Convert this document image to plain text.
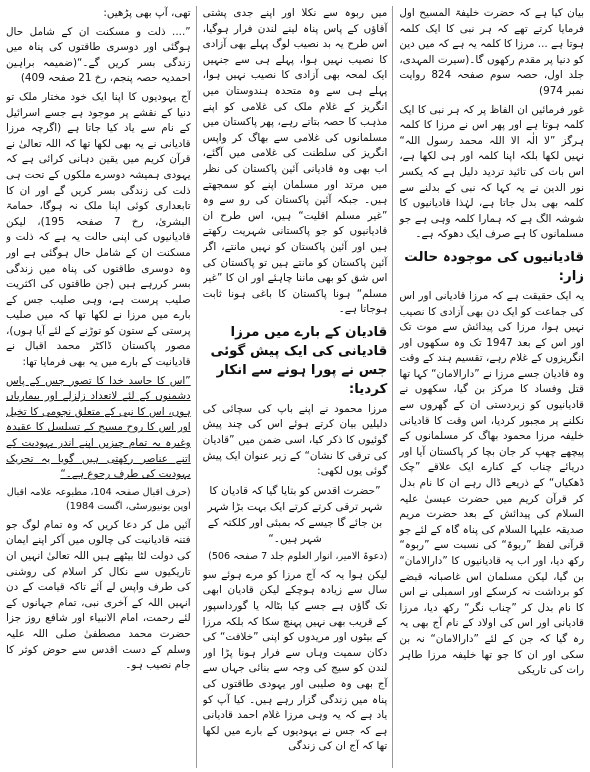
بیان کیا ہے کہ حضرت خلیفۃ المسیح اول فرمایا کرتے تھے کہ ہر نبی کا ایک کلمہ ہوتا ہے ... مرزا کا کلمہ یہ ہے کہ میں دین کو دنیا پر مقدم رکھوں گا۔(سیرت المہدی، جلد اول، حصہ سوم صفحہ 824 روایت نمبر 974)

غور فرمائیں ان الفاظ پر کہ ہر نبی کا ایک کلمہ ہوتا ہے اور پھر اس نے مرزا کا کلمہ ہرگز ”لا الٰہ الا اللہ محمد رسول اللہ“ نہیں لکھا بلکہ اپنا کلمہ اور ہی لکھا ہے، اس بات کی تائید تردید دلیل ہے کہ یکسر نور الدین نے یہ کہا کہ نبی کے بدلنے سے کلمہ بھی بدل جاتا ہے، لہٰذا قادیانیوں کا شوشہ الگ ہے کہ ہمارا کلمہ وہی ہے جو مسلمانوں کا ہے صرف ایک دھوکہ ہے۔

قادیانیوں کی موجودہ حالت زار:

یہ ایک حقیقت ہے کہ مرزا قادیانی اور اس کی جماعت کو ایک دن بھی آزادی کا نصیب نہیں ہوا، مرزا کی پیدائش سے موت تک اور اس کے بعد 1947 تک وہ سکھوں اور انگریزوں کے غلام رہے، تقسیم ہند کے وقت وہ قادیان جسے مرزا نے ”دارالامان“ کہا تھا قتل وفساد کا مرکز بن گیا، سکھوں نے قادیانیوں کو زبردستی ان کے گھروں سے نکلنے پر مجبور کردیا، اس وقت کا قادیانی خلیفہ مرزا محمود بھاگ کر مسلمانوں کے پیچھے چھپ کر جان بچا کر پاکستان آیا اور دریائے چناب کے کنارے ایک علاقے ”چک ڈھکیاں“ کے ذریعے ڈال رہے ان کا نام بدل کر قرآن کریم میں حضرت عیسیٰ علیہ السلام کی پیدائش کے بعد حضرت مریم صدیقہ علیہا السلام کی پناہ گاہ کے لئے جو قرآنی لفظ ”ربوۃ“ کی نسبت سے ”ربوہ“ رکھ دیا، اور اب یہ قادیانیوں کا ”دارالامان“ بن گیا، لیکن مسلمان اس غاصبانہ قبضے کو برداشت نہ کرسکے اور اسمبلی نے اس کا نام بدل کر ”چناب نگر“ رکھ دیا، مرزا قادیانی اور اس کی اولاد کے نام آج بھی یہ رہ گیا کہ جن کے لئے ”دارالامان“ نہ بن سکی اور ان کا جو تھا خلیفہ مرزا طاہر رات کی تاریکی

میں ربوہ سے نکلا اور اپنے جدی پشتی آقاؤں کے پاس پناہ لینے لندن فرار ہوگیا، اس طرح یہ بد نصیب لوگ پہلے بھی آزادی کا نصیب نہیں ہوا، پہلے ہی سے جنہیں ایک لمحہ بھی آزادی کا نصیب نہیں ہوا، پہلے ہی سے وہ متحدہ ہندوستان میں انگریز کے غلام ملک کی غلامی کو اپنے مذہب کا حصہ بتاتے رہے، پھر پاکستان میں مسلمانوں کی غلامی سے بھاگ کر واپس انگریز کی سلطنت کی غلامی میں آگئے، اب بھی وہ قادیانی آئین پاکستان کی نظر میں مرتد اور مسلمان اپنے کو سمجھتے ہیں۔ جبکہ آئین پاکستان کی رو سے وہ ”غیر مسلم اقلیت“ ہیں، اس طرح ان قادیانیوں کو جو پاکستانی شہریت رکھتے ہیں اور آئین پاکستان کو نہیں مانتے، اگر آئین پاکستان کو مانتے ہیں تو پاکستان کی اس شق کو بھی ماننا چاہئے اور ان کا ”غیر مسلم“ ہونا پاکستان کا باغی ہونا ثابت ہوجاتا ہے۔

قادیان کے بارے میں مرزا قادیانی کی ایک پیش گوئی جس نے پورا ہونے سے انکار کردیا:

مرزا محمود نے اپنے باپ کی سچائی کی دلیلیں بیان کرتے ہوئے اس کی چند پیش گوئیوں کا ذکر کیا، اسی ضمن میں ”قادیان کی ترقی کا نشان“ کے زیر عنوان ایک پیش گوئی یوں لکھی:

”حضرت اقدس کو بتایا گیا کہ قادیان کا شہر ترقی کرتے کرتے ایک بہت بڑا شہر بن جائے گا جیسے کہ بمبئی اور کلکتہ کے شہر ہیں۔“

(دعوۃ الامیر، انوار العلوم جلد 7 صفحہ 506)

لیکن ہوا یہ کہ آج مرزا کو مرے ہوئے سو سال سے زیادہ ہوچکے لیکن قادیان ابھی تک گاؤں ہے جسے کیا بٹالہ یا گورداسپور کے قریب بھی نہیں پہنچ سکا کہ بلکہ مرزا کے بیٹوں اور مریدوں کو اپنی ”خلافت“ کی دکان سمیت وہاں سے فرار ہونا پڑا اور لندن کو سیج کی وجہ سے بنائی جہاں سے آج بھی وہ صلیبی اور یہودی طاقتوں کی پناہ میں زندگی گزار رہے ہیں۔ کیا آپ کو یاد ہے کہ یہ وہی مرزا غلام احمد قادیانی ہے کہ جس نے یہودیوں کے بارے میں لکھا تھا کہ آج ان کی زندگی

تھی، آپ بھی پڑھیں:

”.... ذلت و مسکنت ان کے شامل حال ہوگئی اور دوسری طاقتوں کی پناہ میں زندگی بسر کریں گے۔“(ضمیمہ براہین احمدیہ حصہ پنجم، رخ 21 صفحہ 409)

آج یہودیوں کا اپنا ایک خود مختار ملک تو دنیا کے نقشے پر موجود ہے جسے اسرائیل کے نام سے یاد کیا جاتا ہے (اگرچہ مرزا قادیانی نے یہ بھی لکھا تھا کہ اللہ تعالیٰ نے قرآن کریم میں یقین دہانی کرائی ہے کہ یہودی ہمیشہ دوسرے ملکوں کے تحت ہی ذلت کی زندگی بسر کریں گے اور ان کا تابعداری کوئی اپنا ملک نہ ہوگا، حمامۃ البشریٰ، رخ 7 صفحہ 195)، لیکن قادیانیوں کی اپنی حالت یہ ہے کہ ذلت و مسکنت ان کے شامل حال ہوگئی ہے اور وہ دوسری طاقتوں کی پناہ میں زندگی بسر کررہے ہیں (جن طاقتوں کی اکثریت صلیب پرست ہے، وہی صلیب جس کے بارے میں مرزا نے لکھا تھا کہ میں صلیب پرستی کے ستون کو توڑنے کے لئے آیا ہوں)، مصور پاکستان ڈاکٹر محمد اقبال نے قادیانیت کے بارے میں یہ بھی فرمایا تھا:

”اس کا حاسد خدا کا تصور جس کے پاس دشمنوں کے لئے لاتعداد زلزلے اور بیماریاں ہوں، اس کا نبی کے متعلق نجومی کا تخیل اور اس کا روح مسیح کے تسلسل کا عقیدہ وغیرہ یہ تمام چیزیں اپنے اندر یہودیت کے اتنے عناصر رکھتی ہیں گویا یہ تحریک یہودیت کی طرف رجوع ہے۔“

(حرف اقبال صفحہ 104، مطبوعہ علامہ اقبال اوپن یونیورسٹی، اگست 1984)

آئیں مل کر دعا کریں کہ وہ تمام لوگ جو فتنہ قادیانیت کی چالوں میں آکر اپنے ایمان کی دولت لٹا بیٹھے ہیں اللہ تعالیٰ انہیں ان تاریکیوں سے نکال کر اسلام کی روشنی کی طرف واپس لے آئے تاکہ قیامت کے دن انہیں اللہ کے آخری نبی، تمام جہانوں کے لئے رحمت، امام الانبیاء اور شافع روز جزا حضرت محمد مصطفیٰ صلی اللہ علیہ وسلم کے دست اقدس سے حوض کوثر کا جام نصیب ہو۔
